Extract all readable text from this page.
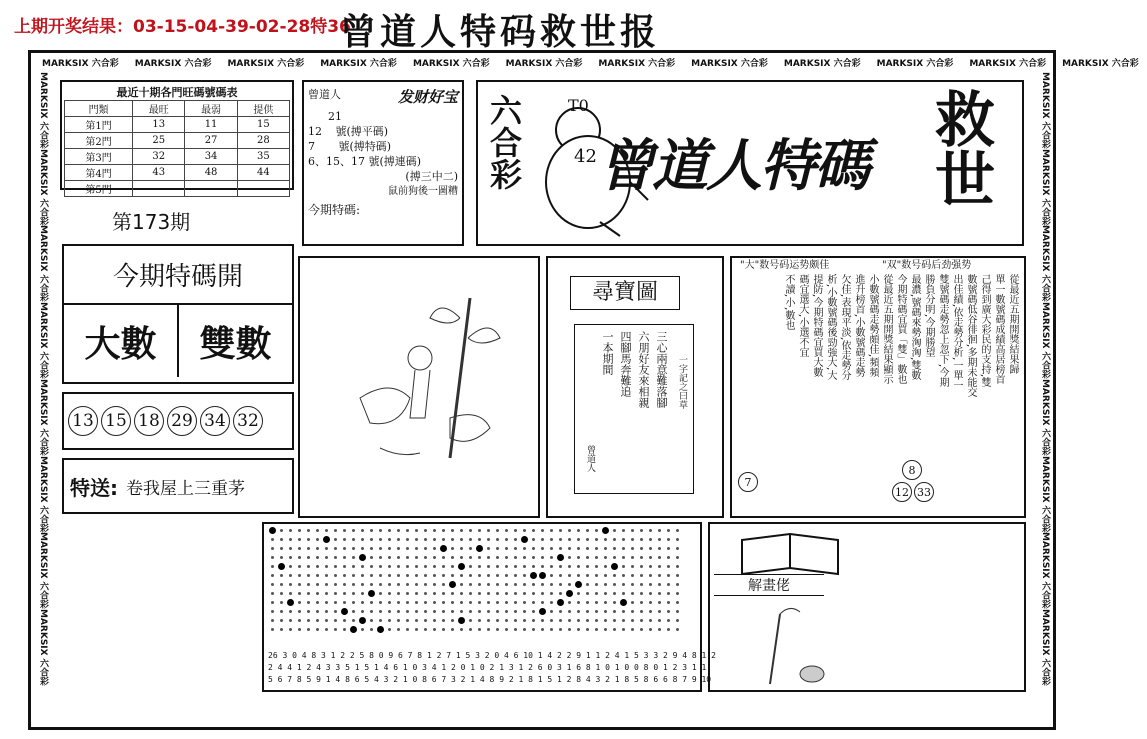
上期开奖结果：03-15-04-39-02-28特36
曾道人特码救世报
MARKSIX 六合彩 MARKSIX 六合彩 MARKSIX 六合彩 MARKSIX 六合彩 MARKSIX 六合彩 MARKSIX 六合彩 MARKSIX 六合彩 MARKSIX 六合彩 MARKSIX 六合彩 MARKSIX 六合彩 MARKSIX 六合彩 MARKSIX 六合彩
MARKSIX 六合彩MARKSIX 六合彩MARKSIX 六合彩MARKSIX 六合彩MARKSIX 六合彩MARKSIX 六合彩MARKSIX 六合彩MARKSIX 六合彩
MARKSIX 六合彩MARKSIX 六合彩MARKSIX 六合彩MARKSIX 六合彩MARKSIX 六合彩MARKSIX 六合彩MARKSIX 六合彩MARKSIX 六合彩
最近十期各門旺碼號碼表
門類	最旺	最弱	提供
第1門	13	11	15
第2門	25	27	28
第3門	32	34	35
第4門	43	48	44
第5門			
曾道人	发财好宝
21
12 號(搏平碼)
7 號(搏特碼)
6、15、17 號(搏連碼)
(搏三中二)
鼠前狗後一圖糟
今期特碼:
六合彩	T0
42 曾道人特碼 救世
第173期
今期特碼開
大數	雙數
13 15 18 29 34 32
特送: 卷我屋上三重茅
尋寶圖
三心兩意難落腳
六朋好友來相親
四腳馬奔難追
一本期間
一字記之曰草
曾道人
"大"数号码运势颇佳	"双"数号码后劲强势
從最近五期開獎結果歸
單一數號碼成績高居榜首
己得到廣大彩民的支持,雙
數號碼低谷徘徊,多期未能交
出佳績,依走勢分析,一單一
雙號碼走勢忽上忽下,今期
勝負分明,今期勝望
最濃,號碼來勢洶洶,雙數
今期特碼宜買「雙」數也
從最近五期開獎結果顯示
小數號碼走勢頗佳,頻頻
進升榜首,小數號碼走勢
欠佳,表現平淡,依走勢分
析,小數號碼後勁強大,大
提防,今期特碼宜買大數
碼宜選大,小選不宜
不讀,小,數也
7
8
12 33
26 3 0 4 8 3 1 2 2 5 8 0 9 6 7 8 1 2 7 1 5 3 2 0 4 6 10 1 4 2 2 9 1 1 2 4 1 5 3 3 2 9 4 8 1 2
2 4 4 1 2 4 3 3 5 1 5 1 4 6 1 0 3 4 1 2 0 1 0 2 1 3 1 2 6 0 3 1 6 8 1 0 1 0 0 8 0 1 2 3 1 1
5 6 7 8 5 9 1 4 8 6 5 4 3 2 1 0 8 6 7 3 2 1 4 8 9 2 1 8 1 5 1 2 8 4 3 2 1 8 5 8 6 6 8 7 9 10
解畫佬
